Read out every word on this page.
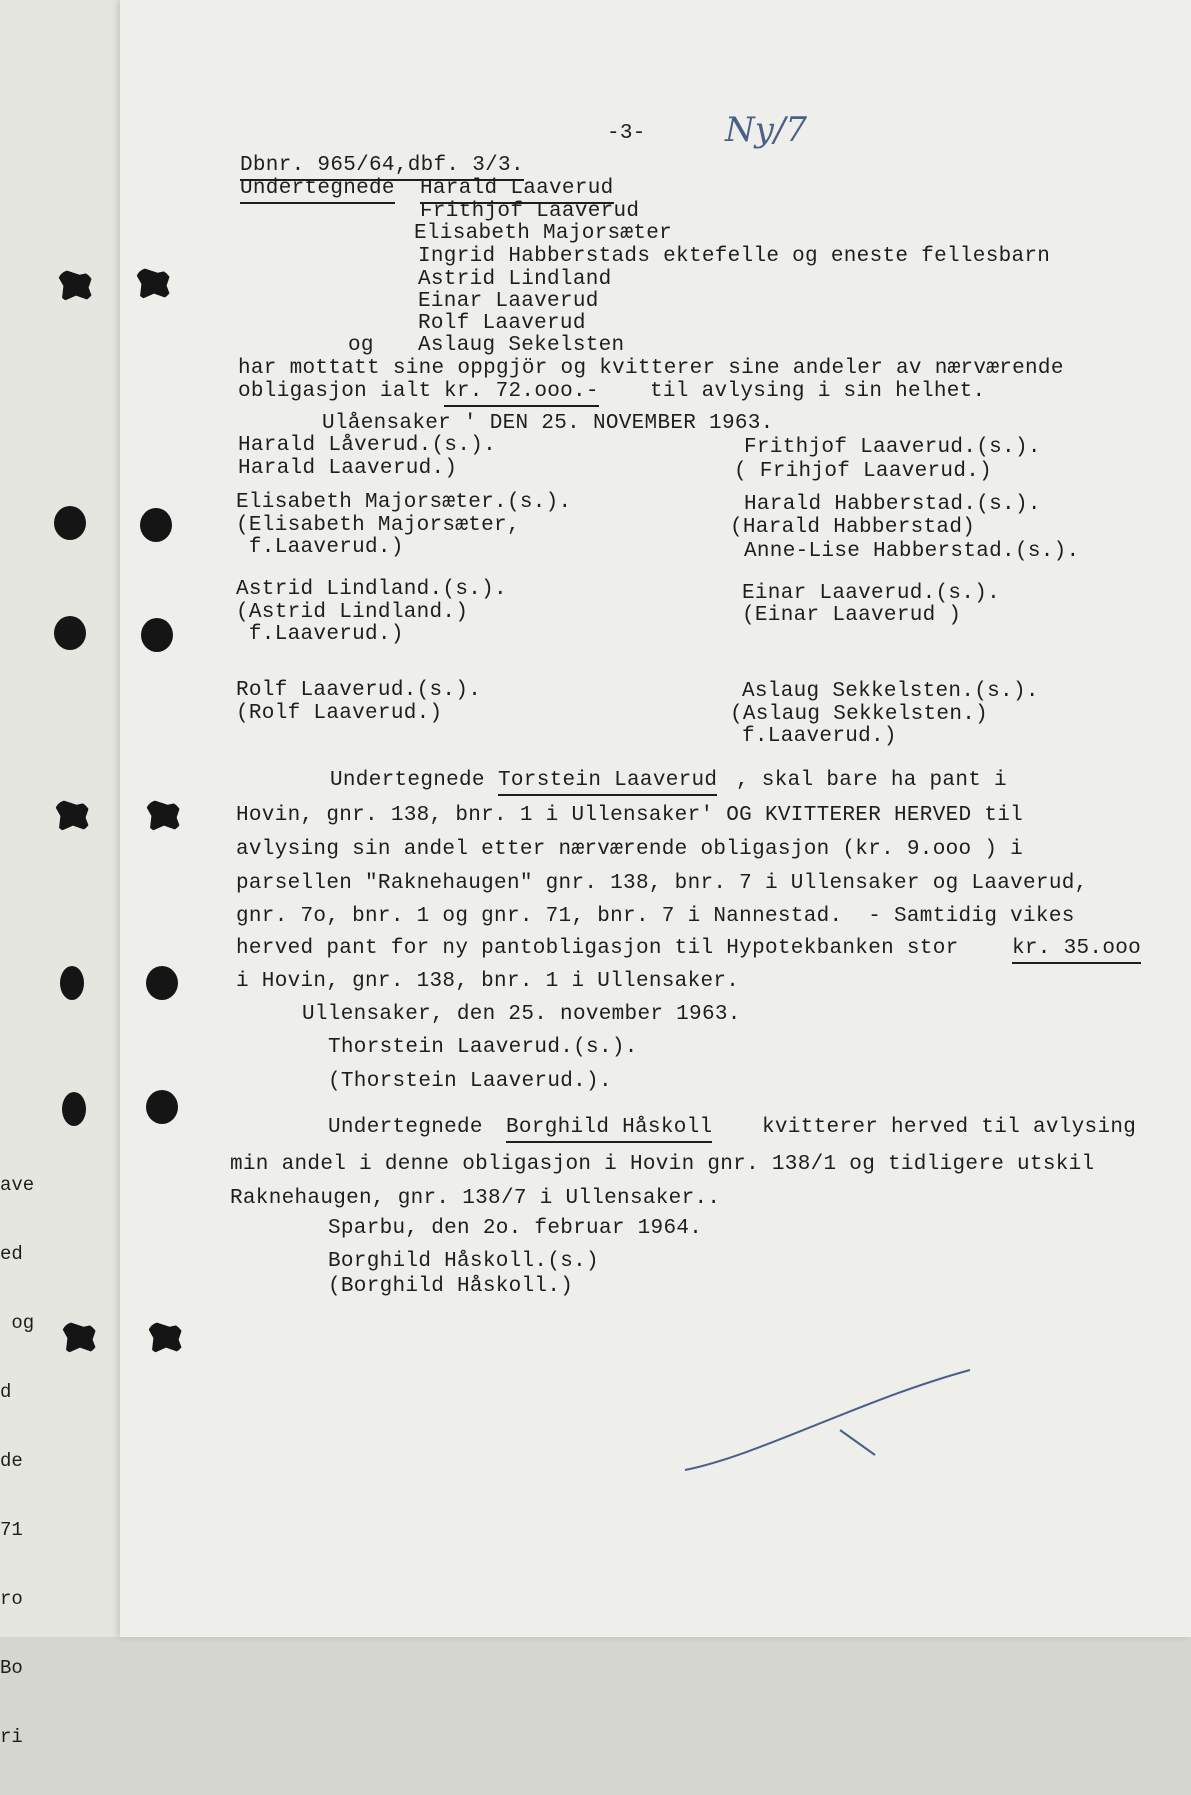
ave

ed

og

d

de

71

ro

Bo

ri

-3- Ny/7
Dbnr. 965/64,dbf. 3/3.
Undertegnede Harald Laaverud
Frithjof Laaverud
Elisabeth Majorsæter
Ingrid Habberstads ektefelle og eneste fellesbarn
Astrid Lindland
Einar Laaverud
Rolf Laaverud
og Aslaug Sekelsten
har mottatt sine oppgjör og kvitterer sine andeler av nærværende
obligasjon ialt kr. 72.ooo.- til avlysing i sin helhet.
Ulåensaker ' DEN 25. NOVEMBER 1963.
Harald Låverud.(s.).
Harald Laaverud.)
Elisabeth Majorsæter.(s.).
(Elisabeth Majorsæter,
f.Laaverud.)
Astrid Lindland.(s.).
(Astrid Lindland.)
f.Laaverud.)
Rolf Laaverud.(s.).
(Rolf Laaverud.)
Frithjof Laaverud.(s.).
( Frihjof Laaverud.)
Harald Habberstad.(s.).
(Harald Habberstad)
Anne-Lise Habberstad.(s.).
Einar Laaverud.(s.).
(Einar Laaverud )
Aslaug Sekkelsten.(s.).
(Aslaug Sekkelsten.)
f.Laaverud.)
Undertegnede Torstein Laaverud , skal bare ha pant i
Hovin, gnr. 138, bnr. 1 i Ullensaker' OG KVITTERER HERVED til
avlysing sin andel etter nærværende obligasjon (kr. 9.ooo ) i
parsellen "Raknehaugen" gnr. 138, bnr. 7 i Ullensaker og Laaverud,
gnr. 7o, bnr. 1 og gnr. 71, bnr. 7 i Nannestad.  - Samtidig vikes
herved pant for ny pantobligasjon til Hypotekbanken stor	kr. 35.ooo
i Hovin, gnr. 138, bnr. 1 i Ullensaker.
Ullensaker, den 25. november 1963.
Thorstein Laaverud.(s.).
(Thorstein Laaverud.).
Undertegnede Borghild Håskoll kvitterer herved til avlysing
min andel i denne obligasjon i Hovin gnr. 138/1 og tidligere utskil
Raknehaugen, gnr. 138/7 i Ullensaker..
Sparbu, den 2o. februar 1964.
Borghild Håskoll.(s.)
(Borghild Håskoll.)
